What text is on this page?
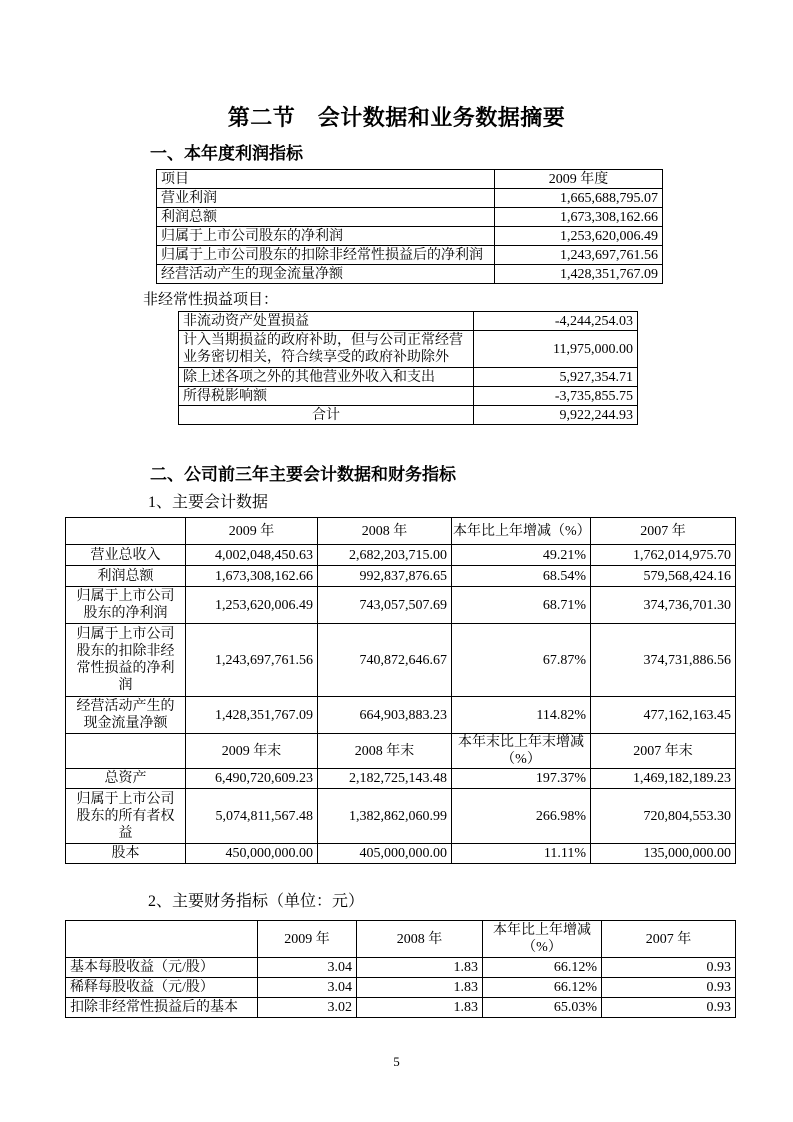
第二节　会计数据和业务数据摘要
一、本年度利润指标
项目	2009 年度
营业利润	1,665,688,795.07
利润总额	1,673,308,162.66
归属于上市公司股东的净利润	1,253,620,006.49
归属于上市公司股东的扣除非经常性损益后的净利润	1,243,697,761.56
经营活动产生的现金流量净额	1,428,351,767.09
非经常性损益项目：
非流动资产处置损益	-4,244,254.03
计入当期损益的政府补助，但与公司正常经营业务密切相关，符合续享受的政府补助除外	11,975,000.00
除上述各项之外的其他营业外收入和支出	5,927,354.71
所得税影响额	-3,735,855.75
合计	9,922,244.93
二、公司前三年主要会计数据和财务指标
1、主要会计数据
	2009 年	2008 年	本年比上年增减（%）	2007 年
营业总收入	4,002,048,450.63	2,682,203,715.00	49.21%	1,762,014,975.70
利润总额	1,673,308,162.66	992,837,876.65	68.54%	579,568,424.16
归属于上市公司股东的净利润	1,253,620,006.49	743,057,507.69	68.71%	374,736,701.30
归属于上市公司股东的扣除非经常性损益的净利润	1,243,697,761.56	740,872,646.67	67.87%	374,731,886.56
经营活动产生的现金流量净额	1,428,351,767.09	664,903,883.23	114.82%	477,162,163.45
	2009 年末	2008 年末	本年末比上年末增减（%）	2007 年末
总资产	6,490,720,609.23	2,182,725,143.48	197.37%	1,469,182,189.23
归属于上市公司股东的所有者权益	5,074,811,567.48	1,382,862,060.99	266.98%	720,804,553.30
股本	450,000,000.00	405,000,000.00	11.11%	135,000,000.00
2、主要财务指标（单位：元）
	2009 年	2008 年	本年比上年增减（%）	2007 年
基本每股收益（元/股）	3.04	1.83	66.12%	0.93
稀释每股收益（元/股）	3.04	1.83	66.12%	0.93
扣除非经常性损益后的基本	3.02	1.83	65.03%	0.93
5
